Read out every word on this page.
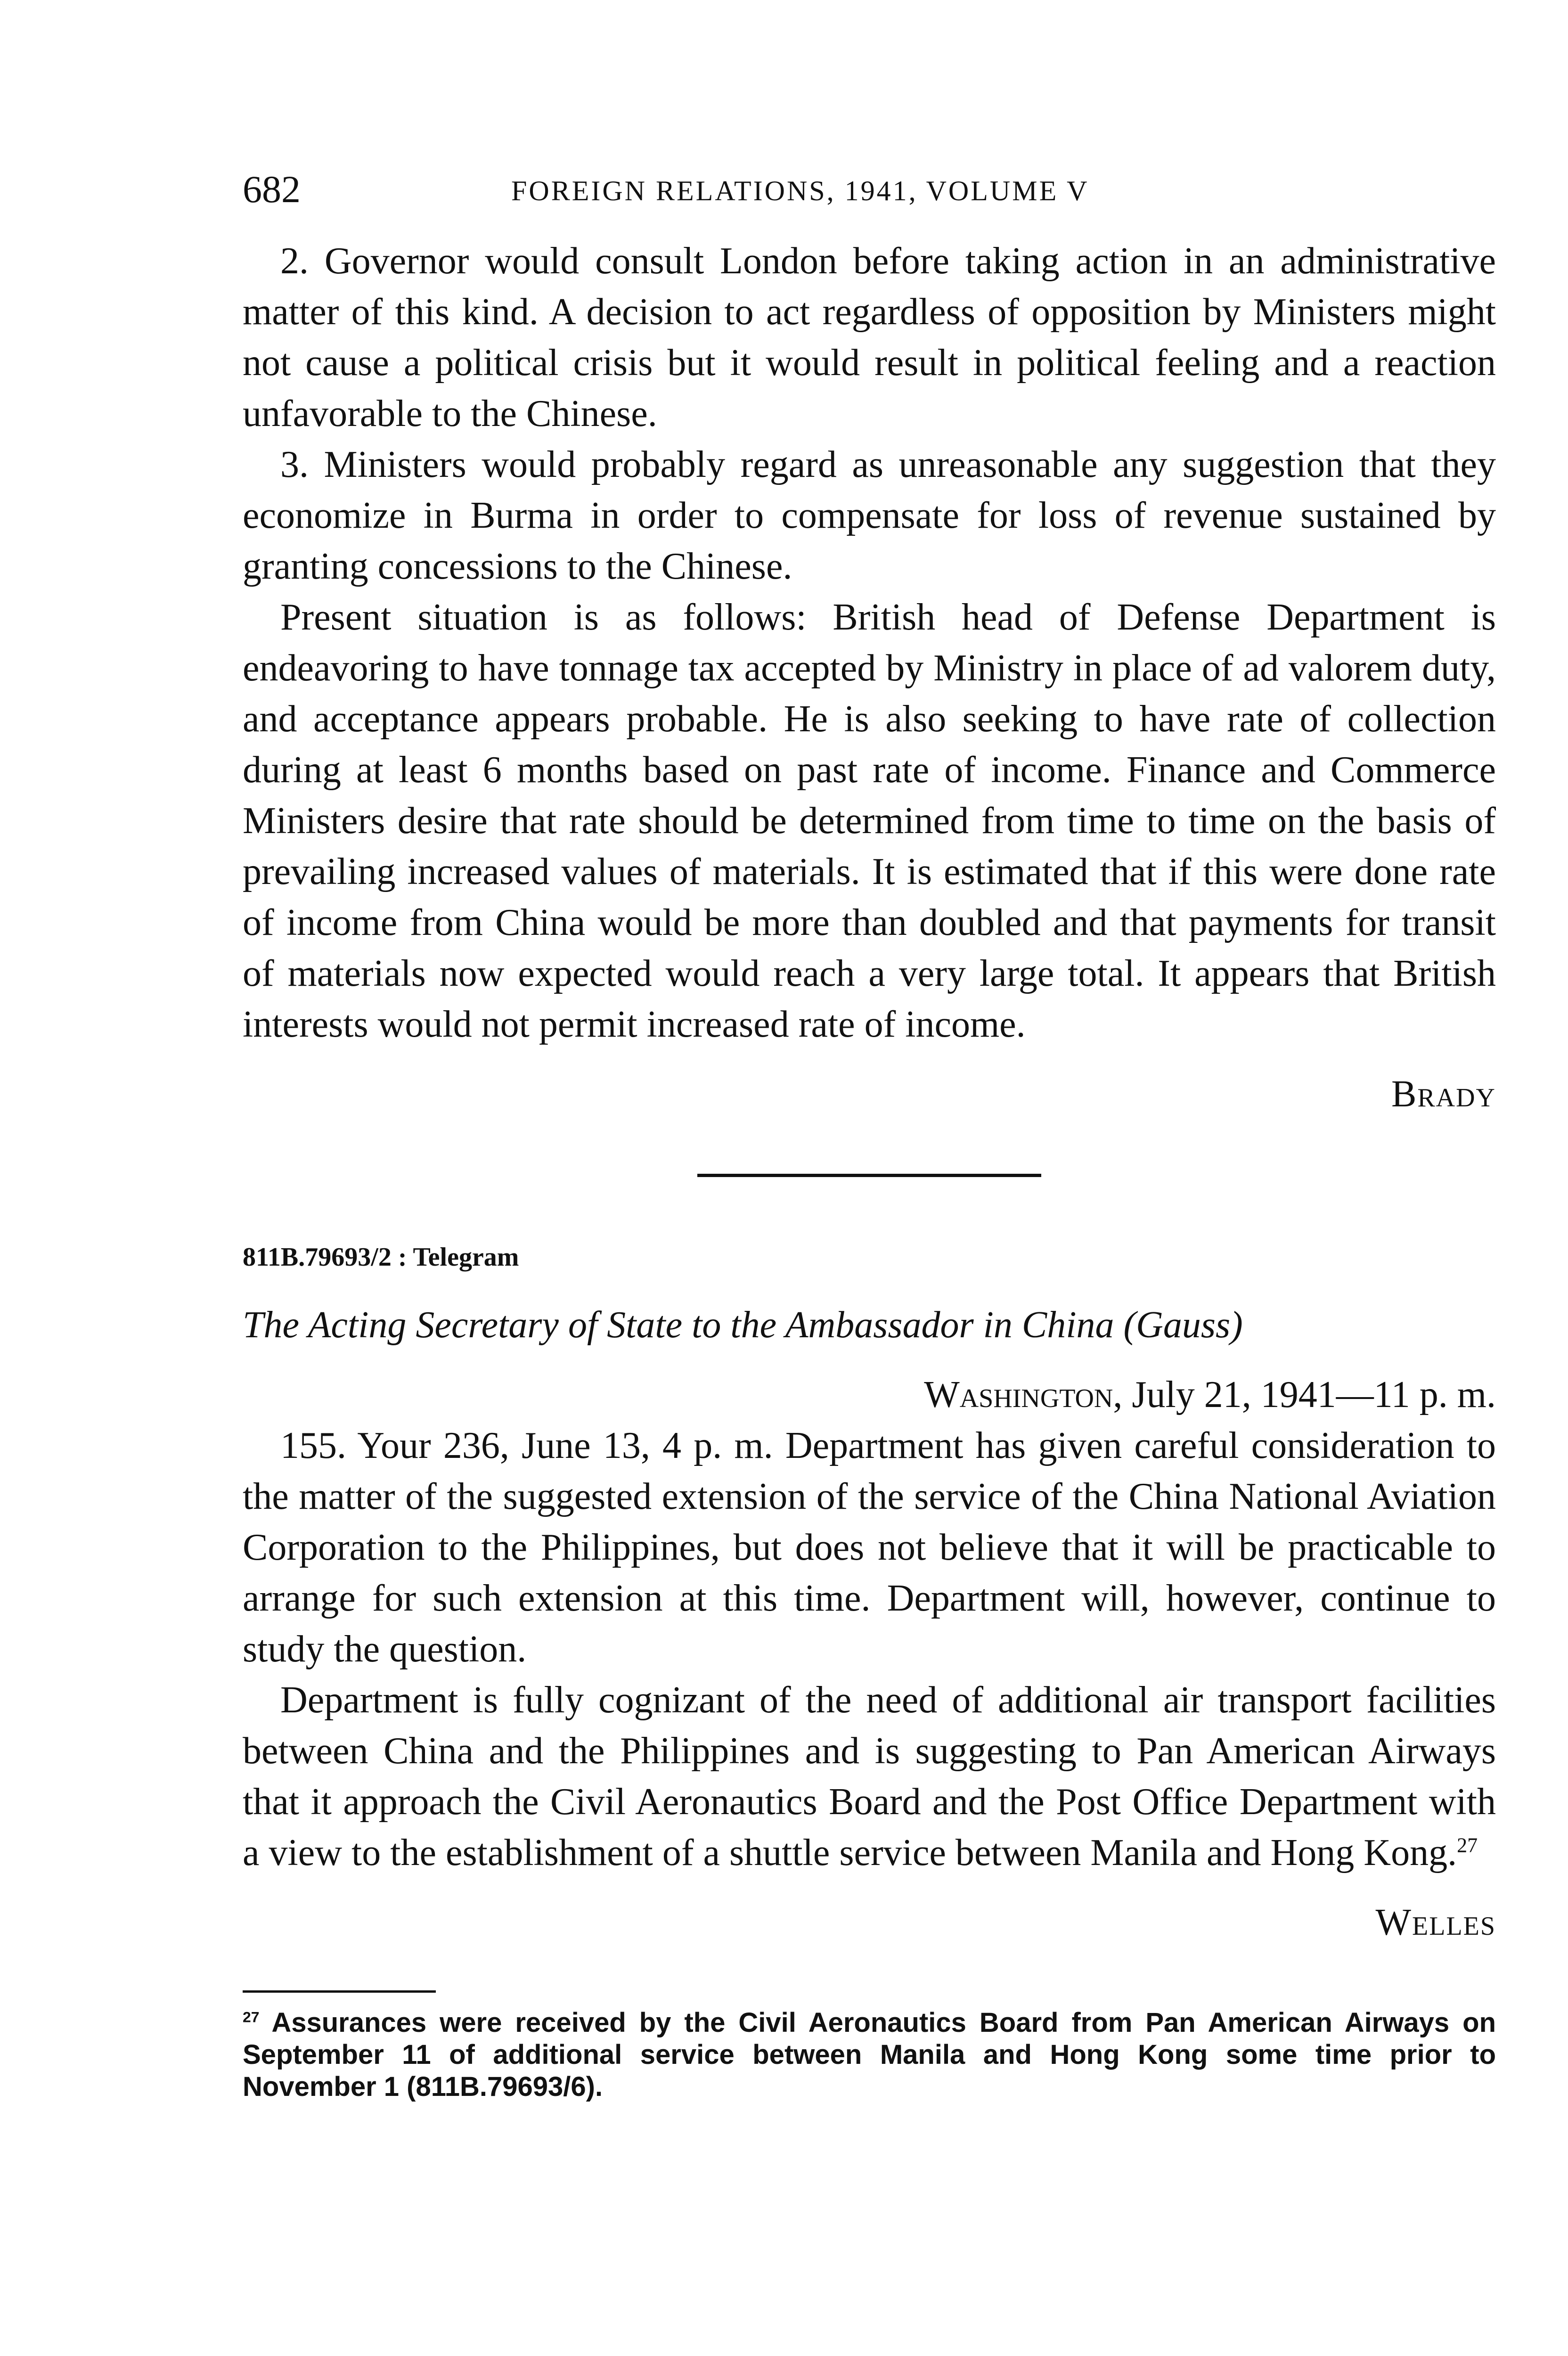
682	FOREIGN RELATIONS, 1941, VOLUME V

2. Governor would consult London before taking action in an administrative matter of this kind. A decision to act regardless of opposition by Ministers might not cause a political crisis but it would result in political feeling and a reaction unfavorable to the Chinese.

3. Ministers would probably regard as unreasonable any suggestion that they economize in Burma in order to compensate for loss of revenue sustained by granting concessions to the Chinese.

Present situation is as follows: British head of Defense Department is endeavoring to have tonnage tax accepted by Ministry in place of ad valorem duty, and acceptance appears probable. He is also seeking to have rate of collection during at least 6 months based on past rate of income. Finance and Commerce Ministers desire that rate should be determined from time to time on the basis of prevailing increased values of materials. It is estimated that if this were done rate of income from China would be more than doubled and that payments for transit of materials now expected would reach a very large total. It appears that British interests would not permit increased rate of income.

Brady

811B.79693/2 : Telegram

The Acting Secretary of State to the Ambassador in China (Gauss)

Washington, July 21, 1941—11 p. m.

155. Your 236, June 13, 4 p. m. Department has given careful consideration to the matter of the suggested extension of the service of the China National Aviation Corporation to the Philippines, but does not believe that it will be practicable to arrange for such extension at this time. Department will, however, continue to study the question.

Department is fully cognizant of the need of additional air transport facilities between China and the Philippines and is suggesting to Pan American Airways that it approach the Civil Aeronautics Board and the Post Office Department with a view to the establishment of a shuttle service between Manila and Hong Kong.$^{27}$

Welles

$^{27}$ Assurances were received by the Civil Aeronautics Board from Pan American Airways on September 11 of additional service between Manila and Hong Kong some time prior to November 1 (811B.79693/6).
